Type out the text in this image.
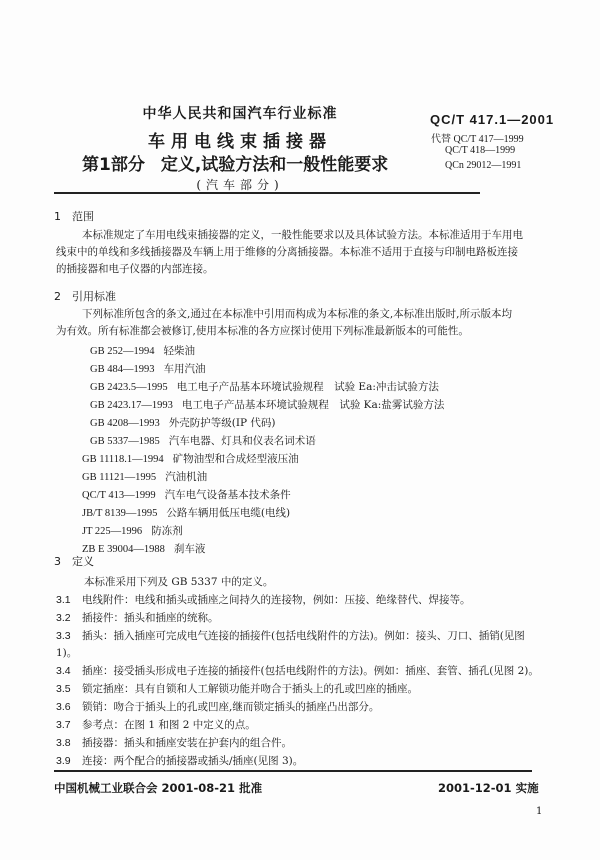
中华人民共和国汽车行业标准
车用电线束插接器
第1部分 定义,试验方法和一般性能要求
(汽车部分)
QC/T 417.1—2001
代替 QC/T 417—1999
QC/T 418—1999
QCn 29012—1991
1 范围
本标准规定了车用电线束插接器的定义，一般性能要求以及具体试验方法。本标准适用于车用电
线束中的单线和多线插接器及车辆上用于维修的分离插接器。本标准不适用于直接与印制电路板连接
的插接器和电子仪器的内部连接。
2 引用标准
下列标准所包含的条文,通过在本标准中引用而构成为本标准的条文,本标准出版时,所示版本均
为有效。所有标准都会被修订,使用本标准的各方应探讨使用下列标准最新版本的可能性。
GB 252—1994 轻柴油
GB 484—1993 车用汽油
GB 2423.5—1995 电工电子产品基本环境试验规程　试验 Ea:冲击试验方法
GB 2423.17—1993 电工电子产品基本环境试验规程　试验 Ka:盐雾试验方法
GB 4208—1993 外壳防护等级(IP 代码)
GB 5337—1985 汽车电器、灯具和仪表名词术语
GB 11118.1—1994 矿物油型和合成烃型液压油
GB 11121—1995 汽油机油
QC/T 413—1999 汽车电气设备基本技术条件
JB/T 8139—1995 公路车辆用低压电缆(电线)
JT 225—1996 防冻剂
ZB E 39004—1988 刹车液
3 定义
本标准采用下列及 GB 5337 中的定义。
3.1 电线附件：电线和插头或插座之间持久的连接物，例如：压接、绝缘替代、焊接等。
3.2 插接件：插头和插座的统称。
3.3 插头：插入插座可完成电气连接的插接件(包括电线附件的方法)。例如：接头、刀口、插销(见图
1)。
3.4 插座：接受插头形成电子连接的插接件(包括电线附件的方法)。例如：插座、套管、插孔(见图 2)。
3.5 锁定插座：具有自锁和人工解锁功能并吻合于插头上的孔或凹座的插座。
3.6 锁销：吻合于插头上的孔或凹座,继而锁定插头的插座凸出部分。
3.7 参考点：在图 1 和图 2 中定义的点。
3.8 插接器：插头和插座安装在护套内的组合件。
3.9 连接：两个配合的插接器或插头/插座(见图 3)。
中国机械工业联合会 2001-08-21 批准	2001-12-01 实施
1
